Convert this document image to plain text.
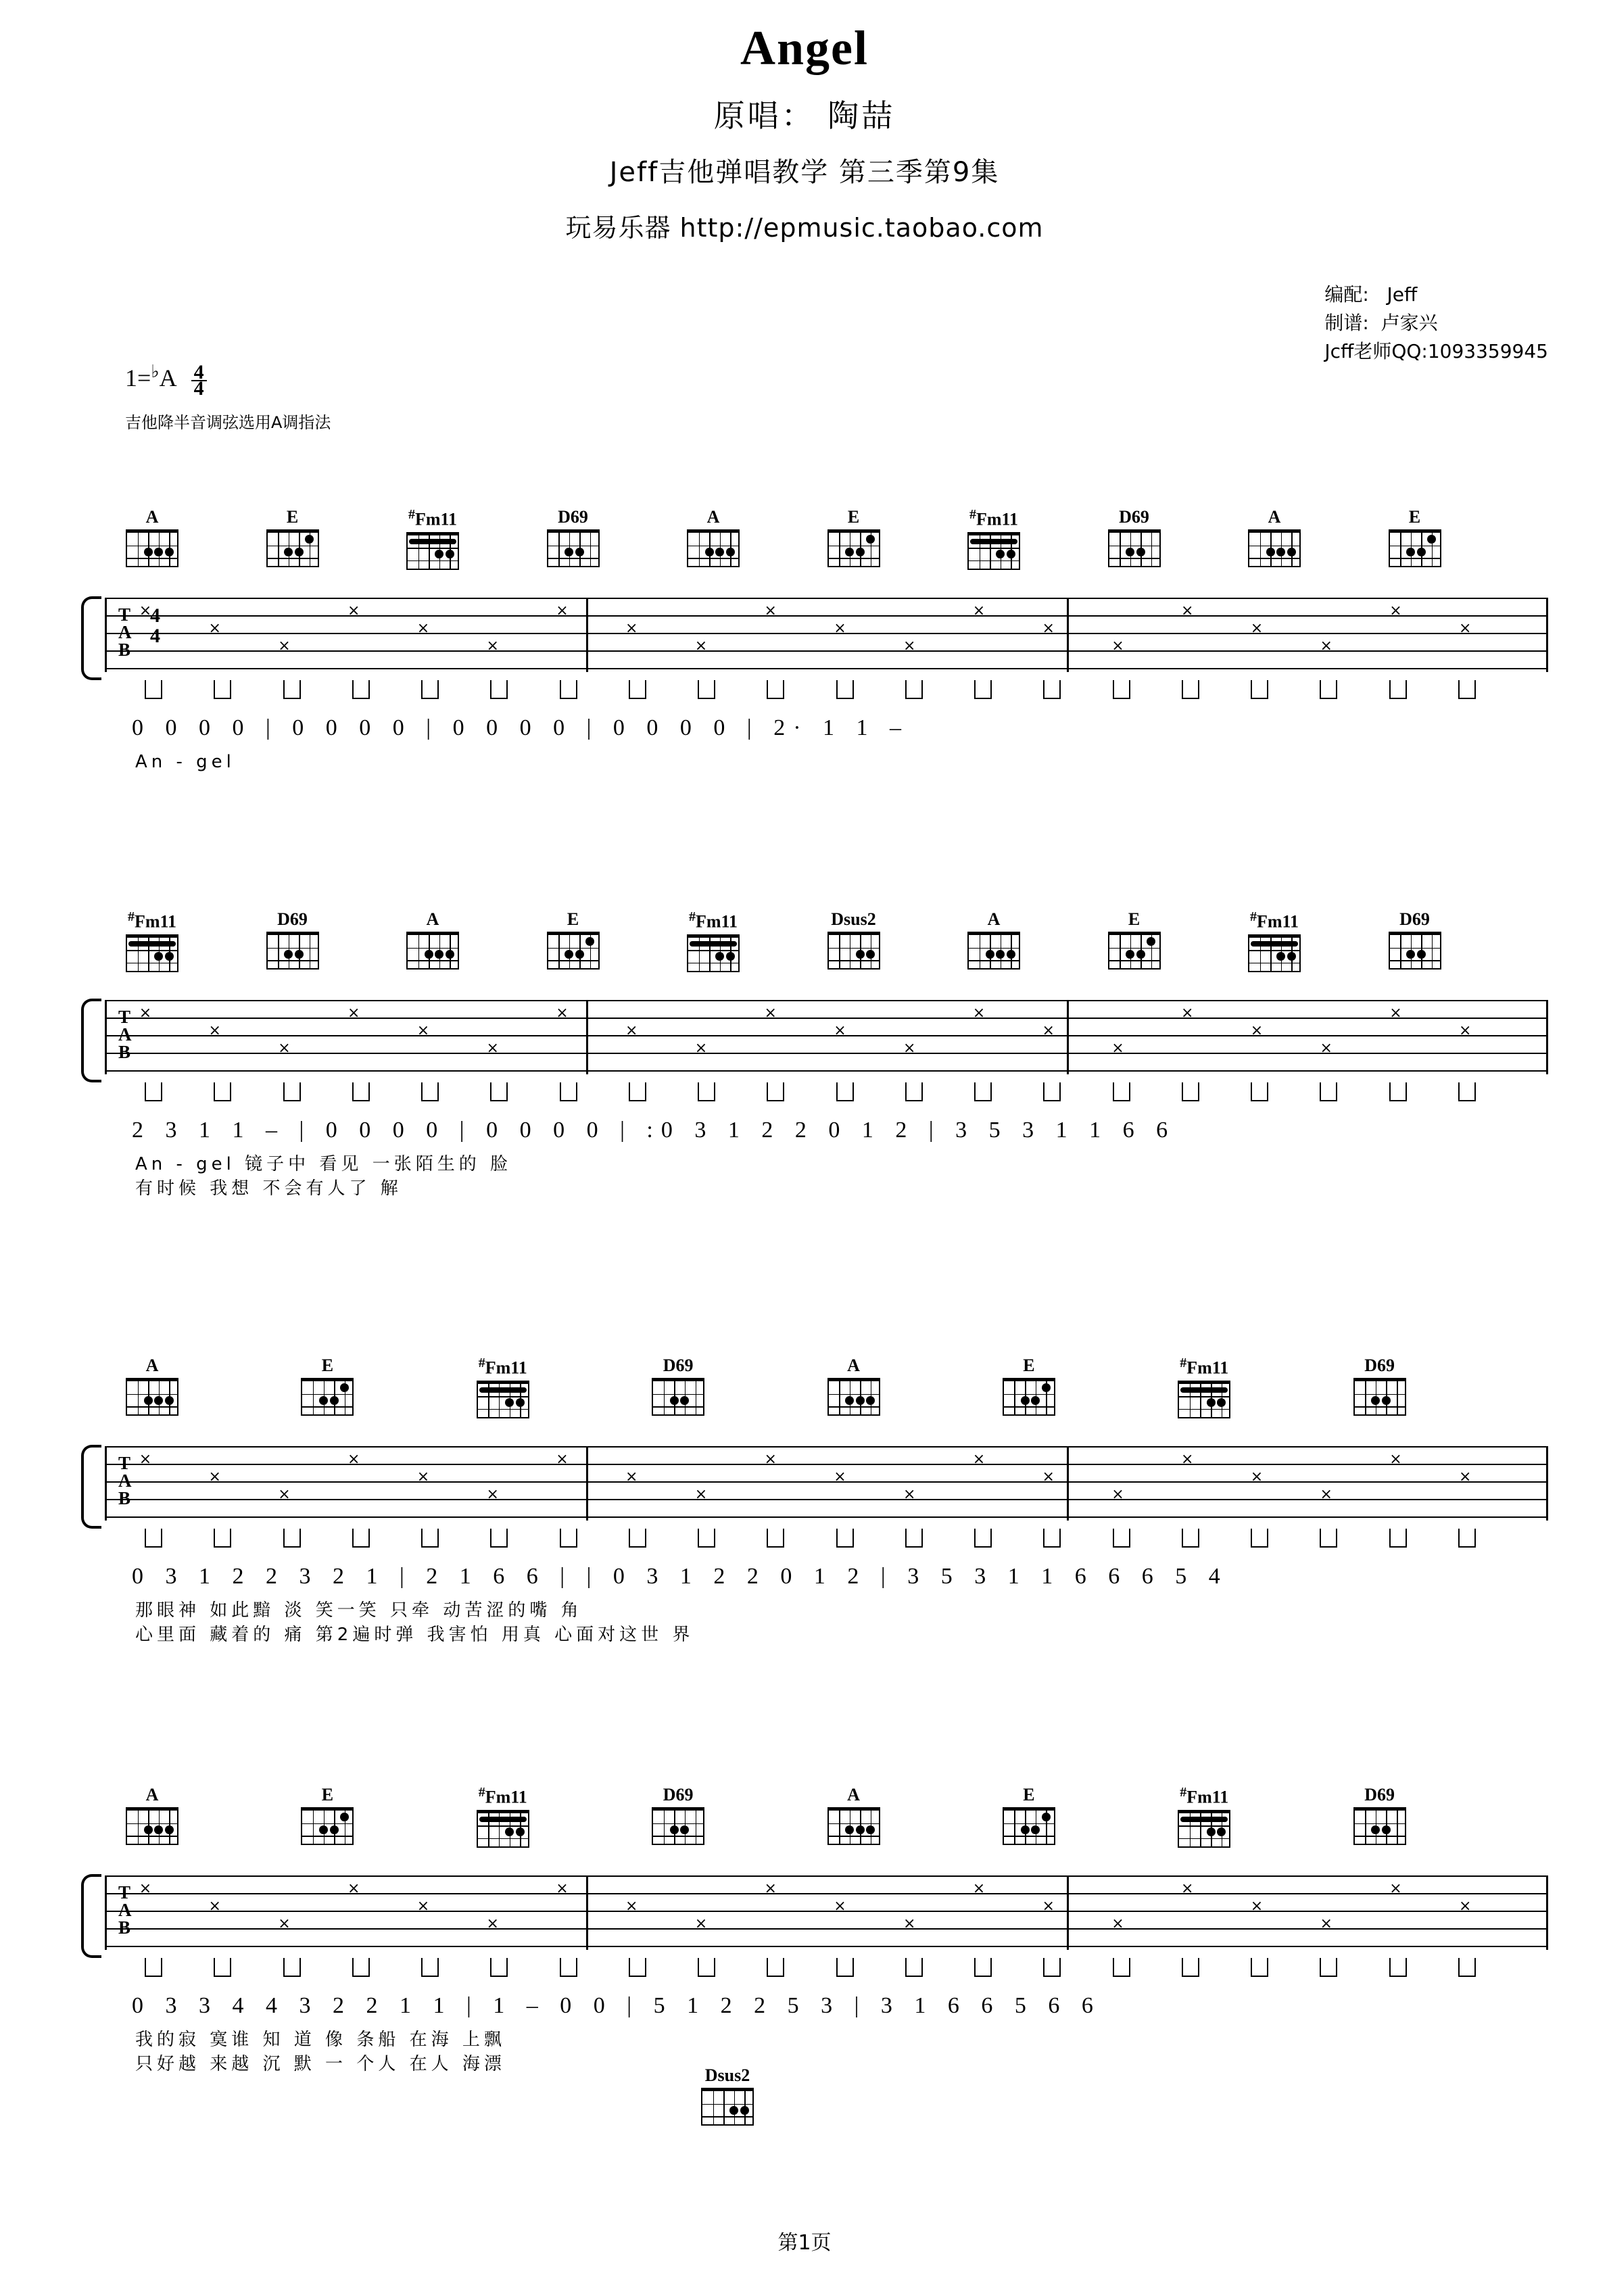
Angel
原唱： 陶喆
Jeff吉他弹唱教学 第三季第9集
玩易乐器 http://epmusic.taobao.com
编配:   Jeff
制谱:  卢家兴
Jcff老师QQ:1093359945
$1=^♭A \frac{4}{4}$
吉他降半音调弦选用A调指法
A	E	#Fm11	D69	A	E	#Fm11	D69	A	E
T
A
B
4
4
×
×
×
×
×
×
×
×
×
×
×
×
×
×
×
×
×
×
×
×
0 0 0 0 | 0 0 0 0 | 0 0 0 0 | 0 0 0 0 | 2· 1 1 –
An - gel
#Fm11	D69	A	E	#Fm11	Dsus2	A	E	#Fm11	D69
T
A
B
×
×
×
×
×
×
×
×
×
×
×
×
×
×
×
×
×
×
×
×
2 3 1 1 – | 0 0 0 0 | 0 0 0 0 | :0 3 1 2 2 0 1 2 | 3 5 3 1 1 6 6
An - gel 镜子中 看见 一张陌生的 脸
有时候 我想 不会有人了 解
A	E	#Fm11	D69	A	E	#Fm11	D69
Dsus2
T
A
B
×
×
×
×
×
×
×
×
×
×
×
×
×
×
×
×
×
×
×
×
0 3 1 2 2 3 2 1 | 2 1 6 6 | | 0 3 1 2 2 0 1 2 | 3 5 3 1 1 6 6 6 5 4
那眼神 如此黯 淡 笑一笑 只牵 动苦涩的嘴 角
心里面 藏着的 痛 第2遍时弹 我害怕 用真 心面对这世 界
A	E	#Fm11	D69	A	E	#Fm11	D69
T
A
B
×
×
×
×
×
×
×
×
×
×
×
×
×
×
×
×
×
×
×
×
0 3 3 4 4 3 2 2 1 1 | 1 – 0 0 | 5 1 2 2 5 3 | 3 1 6 6 5 6 6
我的寂 寞谁 知 道 像 条船 在海 上飘
只好越 来越 沉 默 一 个人 在人 海漂
第1页
